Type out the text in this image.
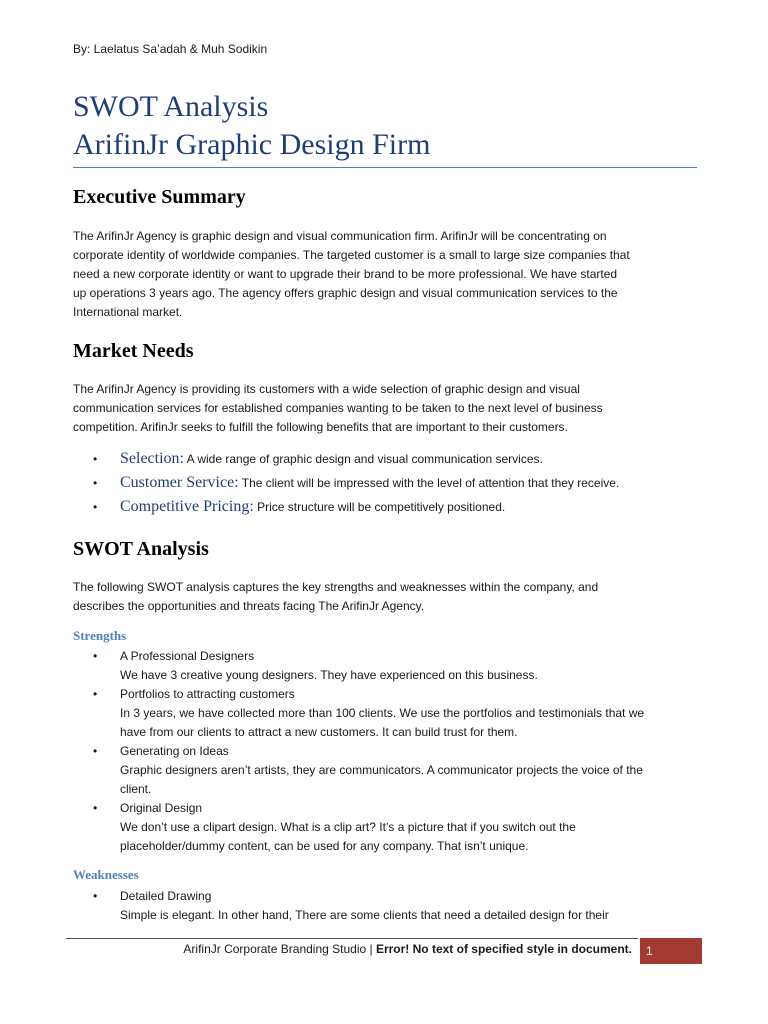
By: Laelatus Sa’adah & Muh Sodikin
SWOT Analysis
ArifinJr Graphic Design Firm
Executive Summary
The ArifinJr Agency is graphic design and visual communication firm. ArifinJr will be concentrating on
corporate identity of worldwide companies. The targeted customer is a small to large size companies that
need a new corporate identity or want to upgrade their brand to be more professional. We have started
up operations 3 years ago. The agency offers graphic design and visual communication services to the
International market.
Market Needs
The ArifinJr Agency is providing its customers with a wide selection of graphic design and visual
communication services for established companies wanting to be taken to the next level of business
competition. ArifinJr seeks to fulfill the following benefits that are important to their customers.
• Selection: A wide range of graphic design and visual communication services.
• Customer Service: The client will be impressed with the level of attention that they receive.
• Competitive Pricing: Price structure will be competitively positioned.
SWOT Analysis
The following SWOT analysis captures the key strengths and weaknesses within the company, and
describes the opportunities and threats facing The ArifinJr Agency.
Strengths
• A Professional Designers
We have 3 creative young designers. They have experienced on this business.
• Portfolios to attracting customers
In 3 years, we have collected more than 100 clients. We use the portfolios and testimonials that we
have from our clients to attract a new customers. It can build trust for them.
• Generating on Ideas
Graphic designers aren’t artists, they are communicators. A communicator projects the voice of the
client.
• Original Design
We don’t use a clipart design. What is a clip art? It’s a picture that if you switch out the
placeholder/dummy content, can be used for any company. That isn’t unique.
Weaknesses
• Detailed Drawing
Simple is elegant. In other hand, There are some clients that need a detailed design for their
ArifinJr Corporate Branding Studio | Error! No text of specified style in document.	1
